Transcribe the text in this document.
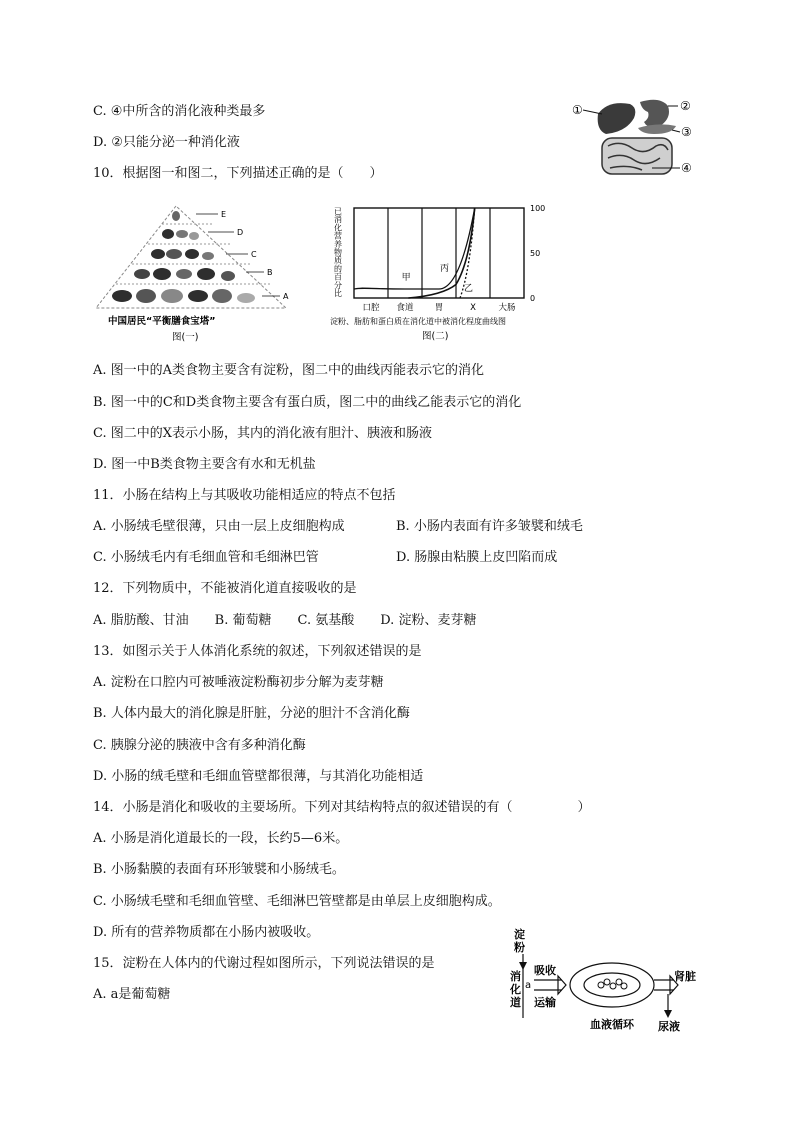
C. ④中所含的消化液种类最多
D. ②只能分泌一种消化液
10．根据图一和图二，下列描述正确的是（　　）
A. 图一中的A类食物主要含有淀粉，图二中的曲线丙能表示它的消化
B. 图一中的C和D类食物主要含有蛋白质，图二中的曲线乙能表示它的消化
C. 图二中的X表示小肠，其内的消化液有胆汁、胰液和肠液
D. 图一中B类食物主要含有水和无机盐
11．小肠在结构上与其吸收功能相适应的特点不包括
A. 小肠绒毛壁很薄，只由一层上皮细胞构成	B. 小肠内表面有许多皱襞和绒毛
C. 小肠绒毛内有毛细血管和毛细淋巴管	D. 肠腺由粘膜上皮凹陷而成
12．下列物质中，不能被消化道直接吸收的是
A. 脂肪酸、甘油　　B. 葡萄糖　　C. 氨基酸　　D. 淀粉、麦芽糖
13．如图示关于人体消化系统的叙述，下列叙述错误的是
A. 淀粉在口腔内可被唾液淀粉酶初步分解为麦芽糖
B. 人体内最大的消化腺是肝脏，分泌的胆汁不含消化酶
C. 胰腺分泌的胰液中含有多种消化酶
D. 小肠的绒毛壁和毛细血管壁都很薄，与其消化功能相适
14．小肠是消化和吸收的主要场所。下列对其结构特点的叙述错误的有（　　　　　）
A. 小肠是消化道最长的一段，长约5—6米。
B. 小肠黏膜的表面有环形皱襞和小肠绒毛。
C. 小肠绒毛壁和毛细血管壁、毛细淋巴管壁都是由单层上皮细胞构成。
D. 所有的营养物质都在小肠内被吸收。
15．淀粉在人体内的代谢过程如图所示，下列说法错误的是
A. a是葡萄糖
①	②
③
④
E
D
C
B
A
中国居民“平衡膳食宝塔”
图(一)
已
消
化
营
养
物
质
的
百
分
比
口腔 食道 胃	X	大肠
100
50
0
甲
丙
乙
淀粉、脂肪和蛋白质在消化道中被消化程度曲线图
图(二)
淀
粉
消
化
道
a
吸收
运输
肾脏
尿液
血液循环
